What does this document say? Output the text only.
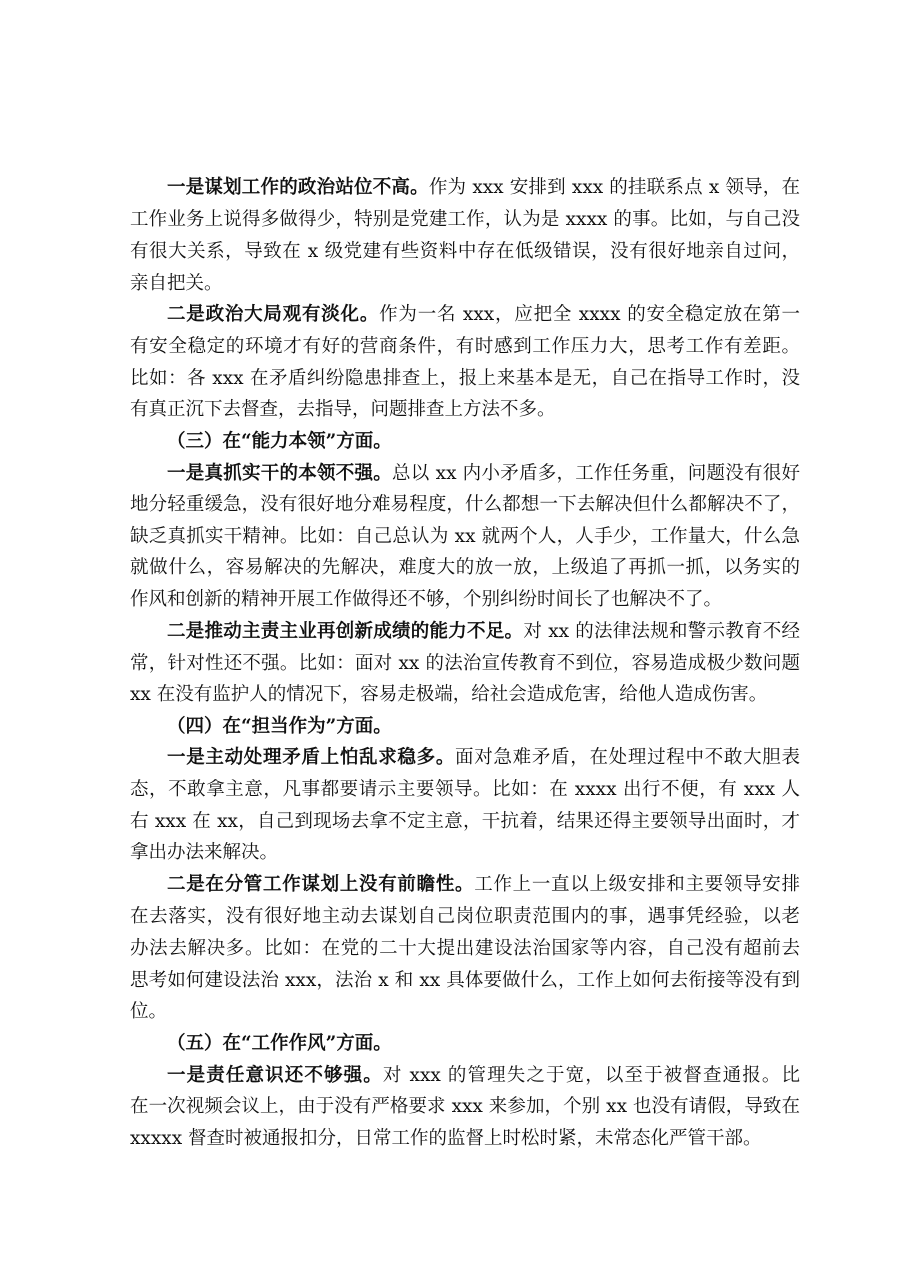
一是谋划工作的政治站位不高。作为 xxx 安排到 xxx 的挂联系点 x 领导，在
工作业务上说得多做得少，特别是党建工作，认为是 xxxx 的事。比如，与自己没
有很大关系，导致在 x 级党建有些资料中存在低级错误，没有很好地亲自过问，
亲自把关。
二是政治大局观有淡化。作为一名 xxx，应把全 xxxx 的安全稳定放在第一
有安全稳定的环境才有好的营商条件，有时感到工作压力大，思考工作有差距。
比如：各 xxx 在矛盾纠纷隐患排查上，报上来基本是无，自己在指导工作时，没
有真正沉下去督查，去指导，问题排查上方法不多。
（三）在“能力本领”方面。
一是真抓实干的本领不强。总以 xx 内小矛盾多，工作任务重，问题没有很好
地分轻重缓急，没有很好地分难易程度，什么都想一下去解决但什么都解决不了，
缺乏真抓实干精神。比如：自己总认为 xx 就两个人，人手少，工作量大，什么急
就做什么，容易解决的先解决，难度大的放一放，上级追了再抓一抓，以务实的
作风和创新的精神开展工作做得还不够，个别纠纷时间长了也解决不了。
二是推动主责主业再创新成绩的能力不足。对 xx 的法律法规和警示教育不经
常，针对性还不强。比如：面对 xx 的法治宣传教育不到位，容易造成极少数问题
xx 在没有监护人的情况下，容易走极端，给社会造成危害，给他人造成伤害。
（四）在“担当作为”方面。
一是主动处理矛盾上怕乱求稳多。面对急难矛盾，在处理过程中不敢大胆表
态，不敢拿主意，凡事都要请示主要领导。比如：在 xxxx 出行不便，有 xxx 人
右 xxx 在 xx，自己到现场去拿不定主意，干抗着，结果还得主要领导出面时，才
拿出办法来解决。
二是在分管工作谋划上没有前瞻性。工作上一直以上级安排和主要领导安排
在去落实，没有很好地主动去谋划自己岗位职责范围内的事，遇事凭经验，以老
办法去解决多。比如：在党的二十大提出建设法治国家等内容，自己没有超前去
思考如何建设法治 xxx，法治 x 和 xx 具体要做什么，工作上如何去衔接等没有到
位。
（五）在“工作作风”方面。
一是责任意识还不够强。对 xxx 的管理失之于宽，以至于被督查通报。比
在一次视频会议上，由于没有严格要求 xxx 来参加，个别 xx 也没有请假，导致在
xxxxx 督查时被通报扣分，日常工作的监督上时松时紧，未常态化严管干部。
